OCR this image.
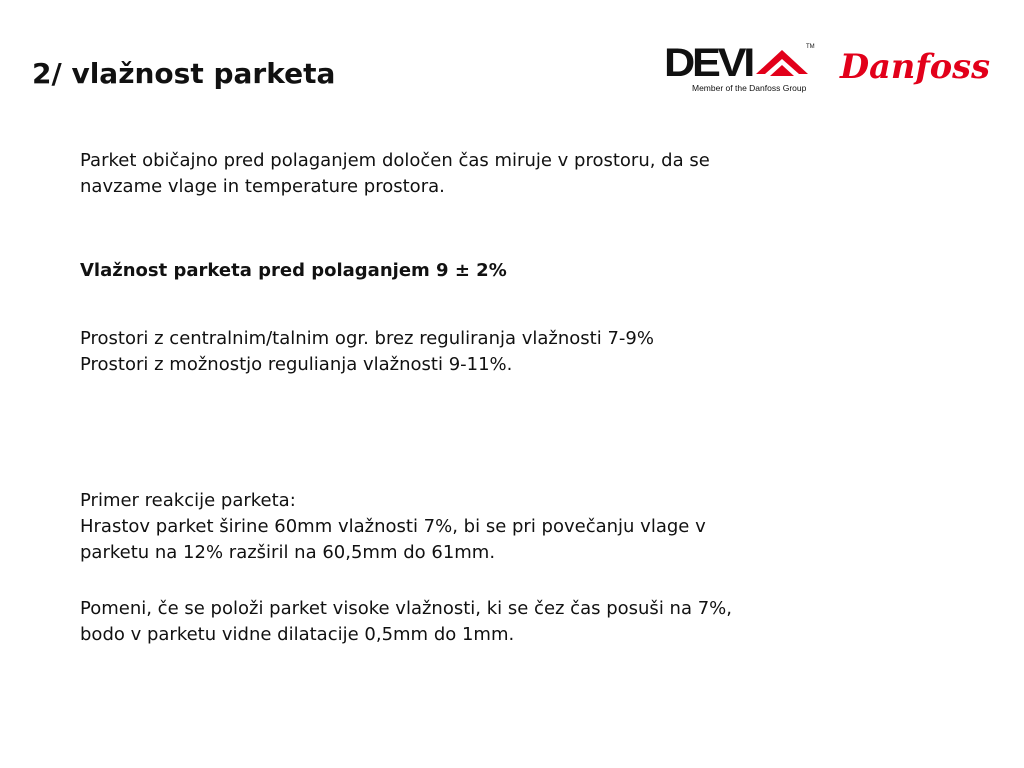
2/ vlažnost parketa	DEVI	TM Danfoss
Member of the Danfoss Group

Parket običajno pred polaganjem določen čas miruje v prostoru, da se
navzame vlage in temperature prostora.

Vlažnost parketa pred polaganjem 9 ± 2%

Prostori z centralnim/talnim ogr. brez reguliranja vlažnosti 7-9%
Prostori z možnostjo regulianja vlažnosti 9-11%.

Primer reakcije parketa:
Hrastov parket širine 60mm vlažnosti 7%, bi se pri povečanju vlage v
parketu na 12% razširil na 60,5mm do 61mm.

Pomeni, če se položi parket visoke vlažnosti, ki se čez čas posuši na 7%,
bodo v parketu vidne dilatacije 0,5mm do 1mm.
